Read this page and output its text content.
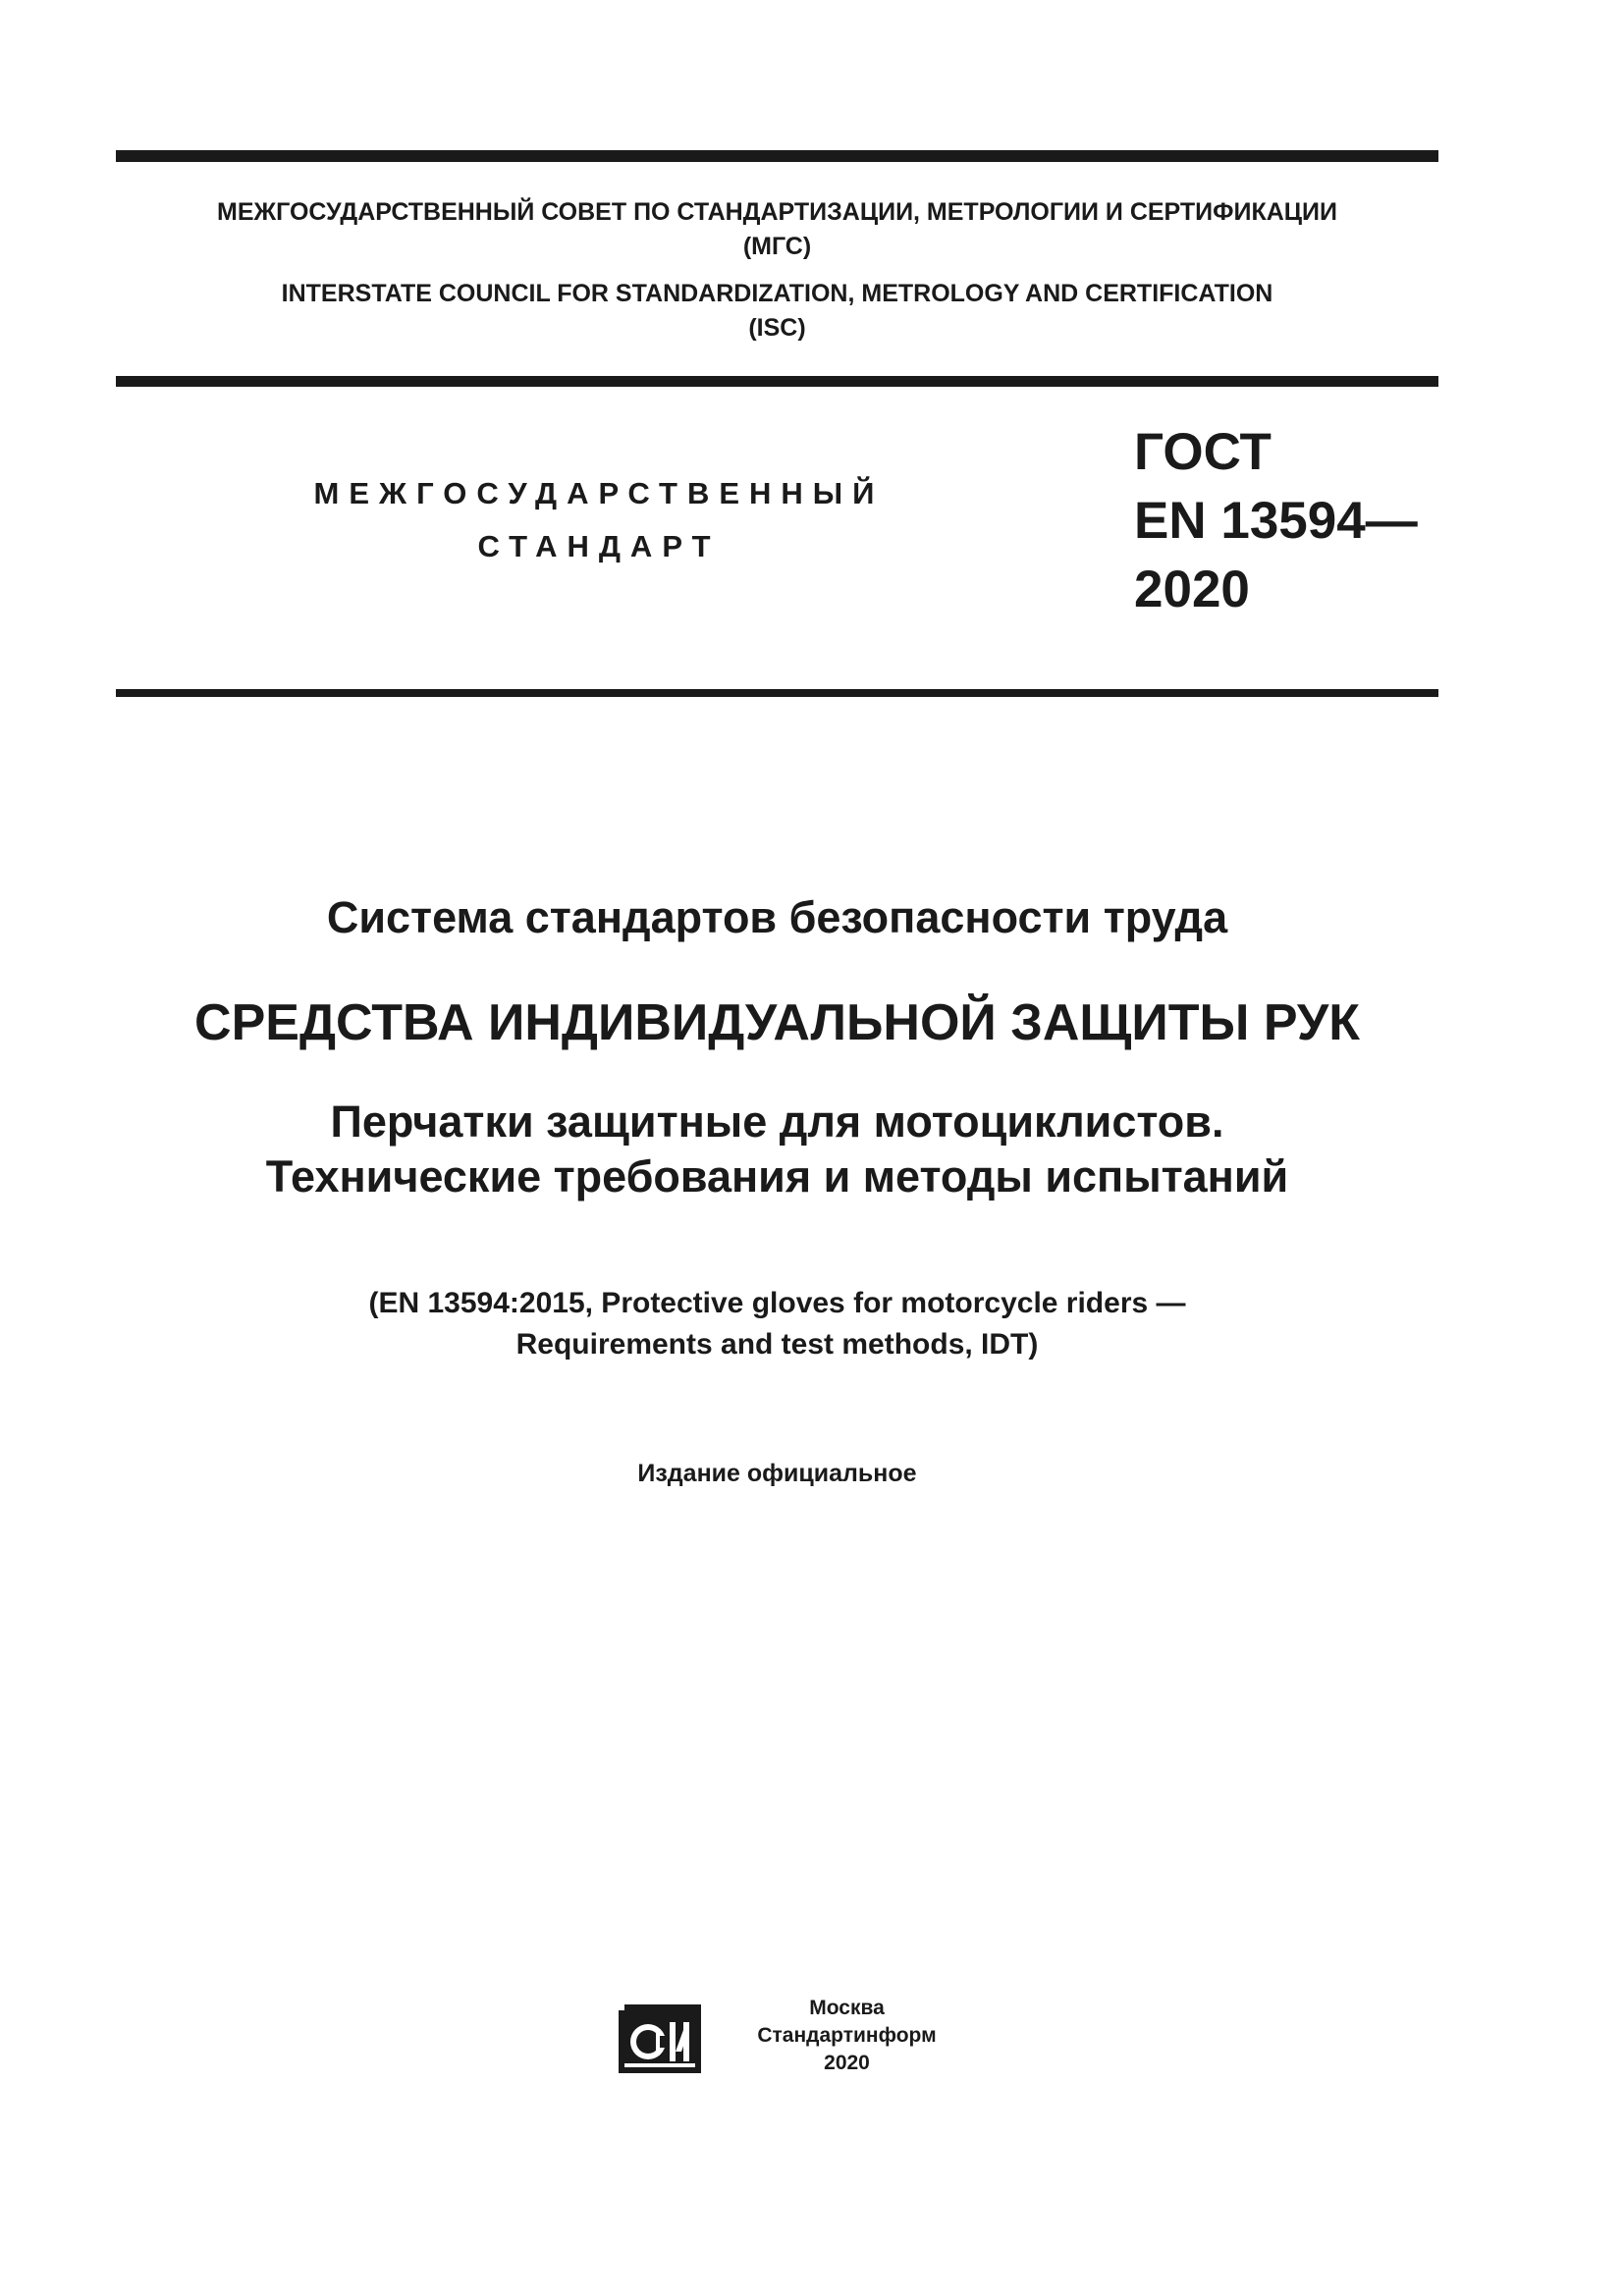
МЕЖГОСУДАРСТВЕННЫЙ СОВЕТ ПО СТАНДАРТИЗАЦИИ, МЕТРОЛОГИИ И СЕРТИФИКАЦИИ
(МГС)
INTERSTATE COUNCIL FOR STANDARDIZATION, METROLOGY AND CERTIFICATION
(ISC)
МЕЖГОСУДАРСТВЕННЫЙ
СТАНДАРТ
ГОСТ
EN 13594—
2020
Система стандартов безопасности труда
СРЕДСТВА ИНДИВИДУАЛЬНОЙ ЗАЩИТЫ РУК
Перчатки защитные для мотоциклистов.
Технические требования и методы испытаний
(EN 13594:2015, Protective gloves for motorcycle riders —
Requirements and test methods, IDT)
Издание официальное
Москва
Стандартинформ
2020
